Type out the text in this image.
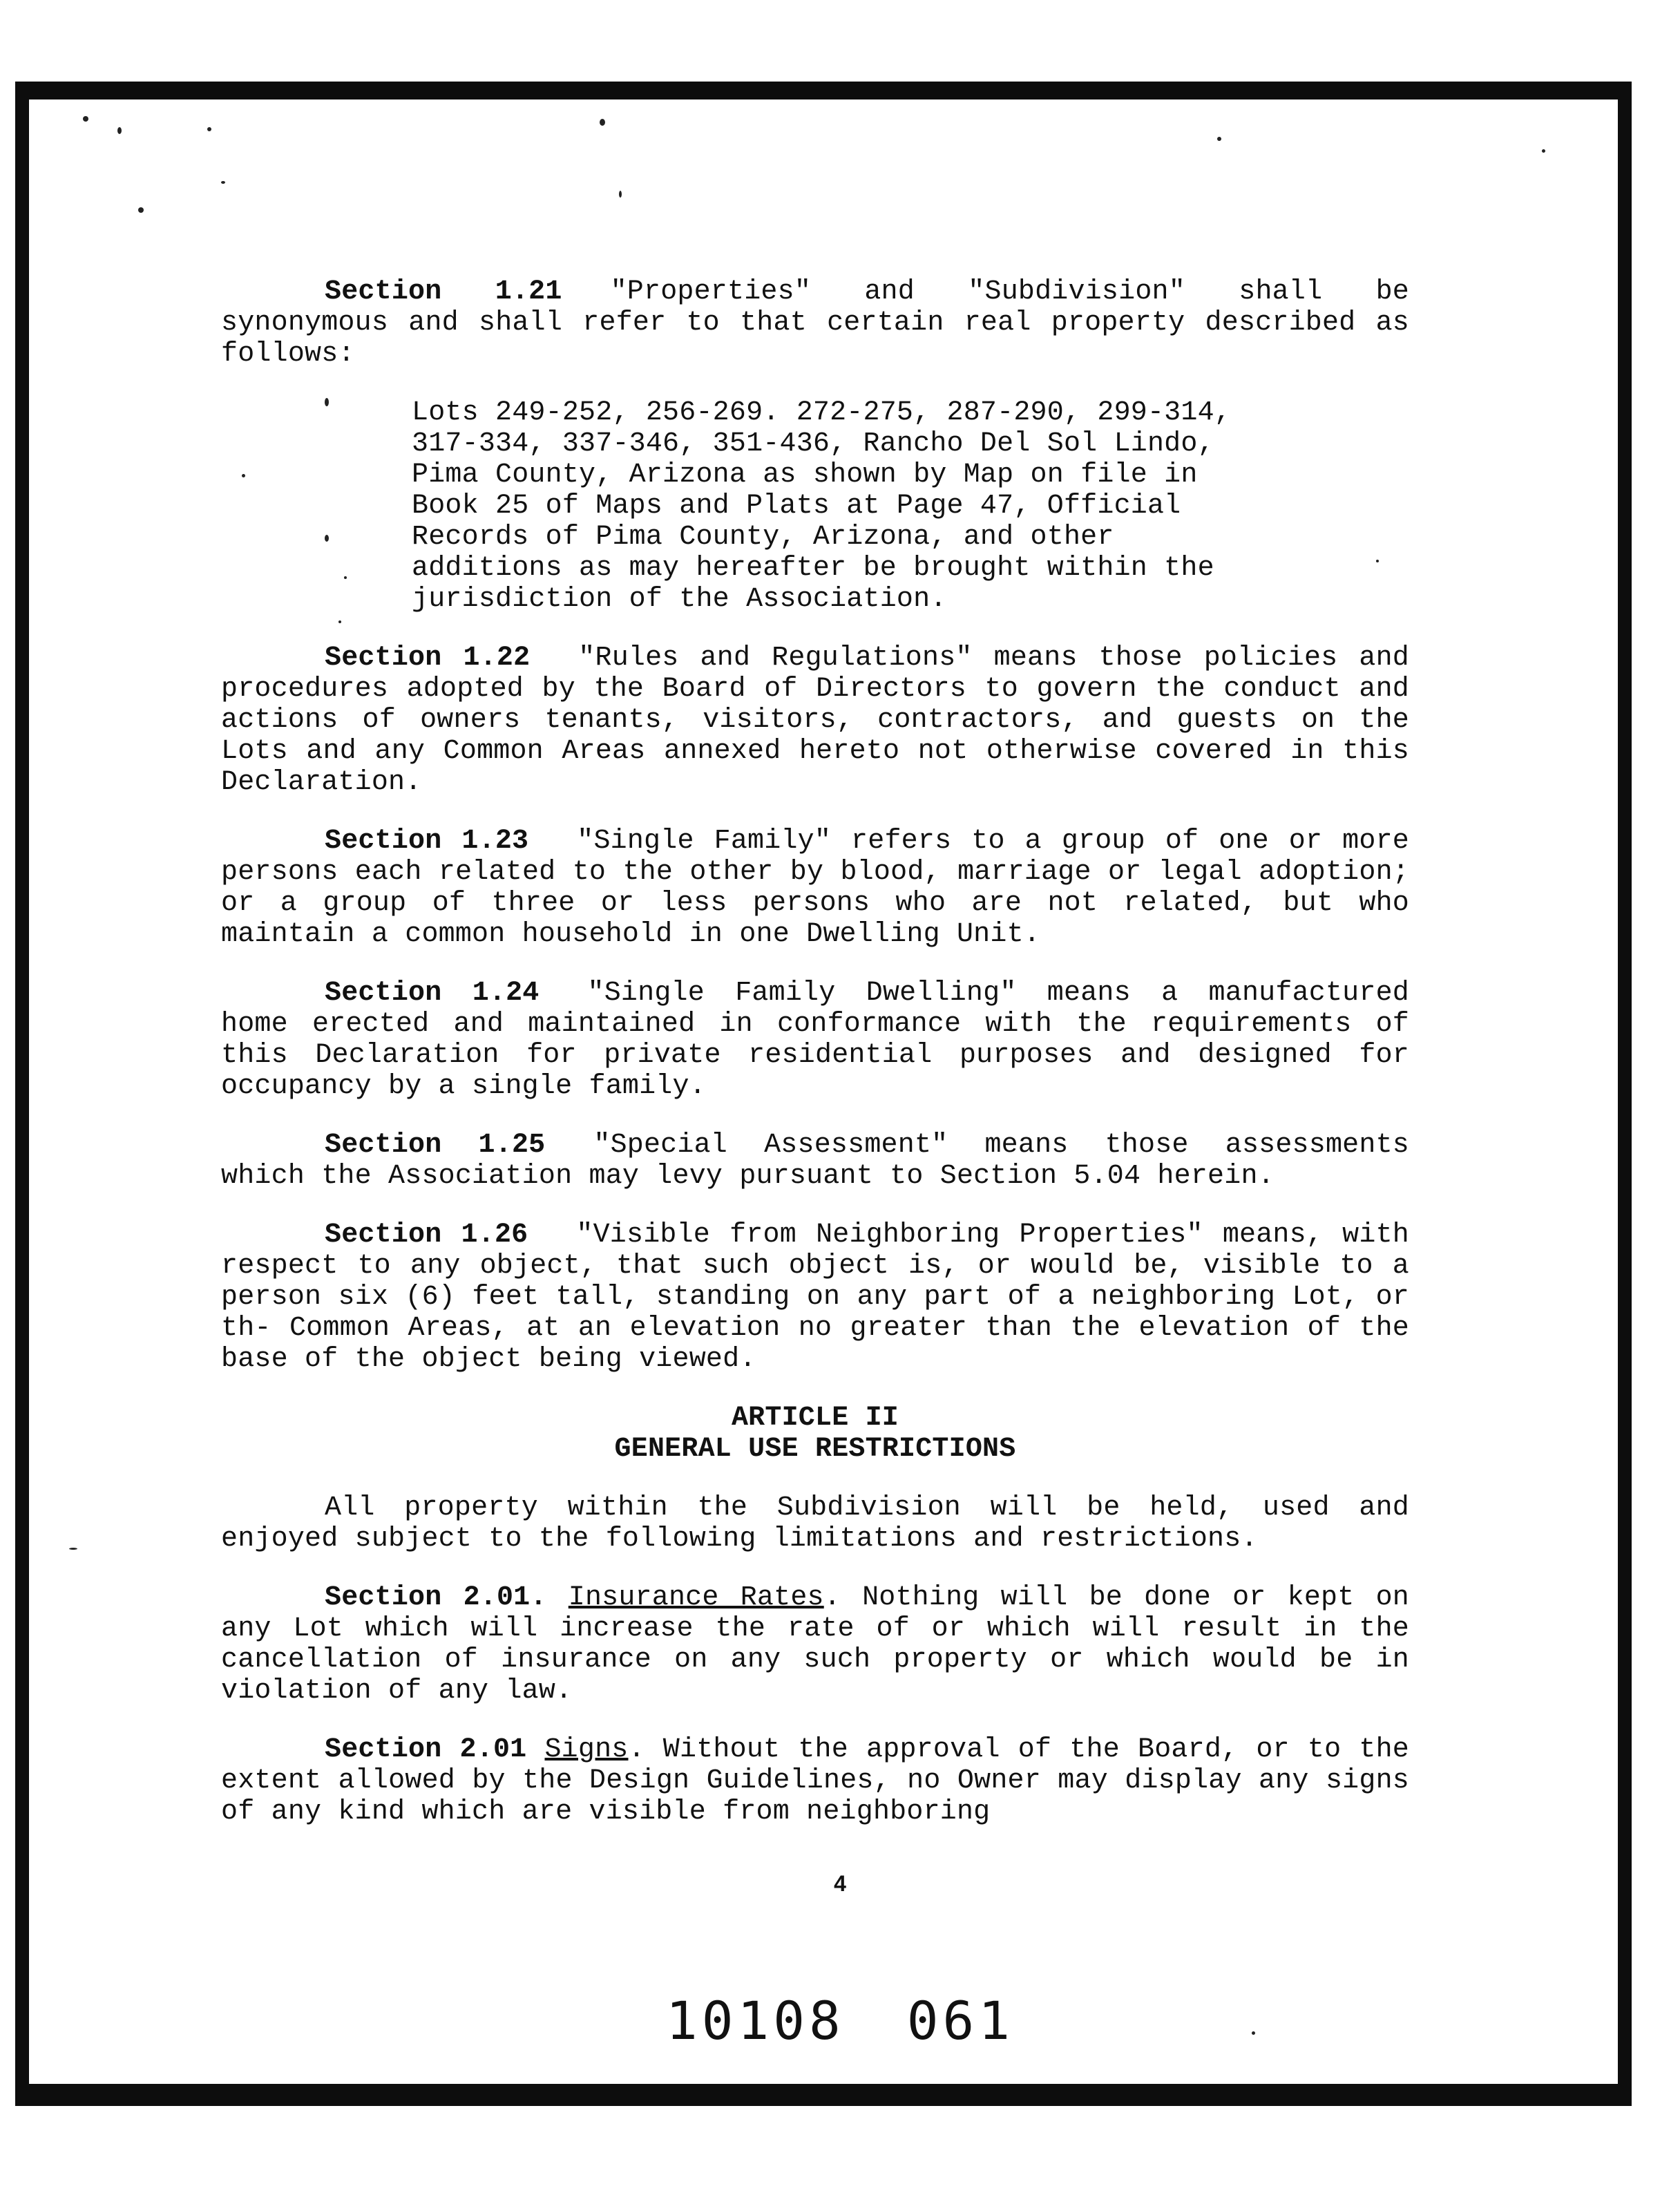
Section 1.21 "Properties" and "Subdivision" shall be synonymous and shall refer to that certain real property described as follows:

Lots 249-252, 256-269. 272-275, 287-290, 299-314, 317-334, 337-346, 351-436, Rancho Del Sol Lindo, Pima County, Arizona as shown by Map on file in Book 25 of Maps and Plats at Page 47, Official Records of Pima County, Arizona, and other additions as may hereafter be brought within the jurisdiction of the Association.

Section 1.22 "Rules and Regulations" means those policies and procedures adopted by the Board of Directors to govern the conduct and actions of owners tenants, visitors, contractors, and guests on the Lots and any Common Areas annexed hereto not otherwise covered in this Declaration.

Section 1.23 "Single Family" refers to a group of one or more persons each related to the other by blood, marriage or legal adoption; or a group of three or less persons who are not related, but who maintain a common household in one Dwelling Unit.

Section 1.24 "Single Family Dwelling" means a manufactured home erected and maintained in conformance with the requirements of this Declaration for private residential purposes and designed for occupancy by a single family.

Section 1.25 "Special Assessment" means those assessments which the Association may levy pursuant to Section 5.04 herein.

Section 1.26 "Visible from Neighboring Properties" means, with respect to any object, that such object is, or would be, visible to a person six (6) feet tall, standing on any part of a neighboring Lot, or th- Common Areas, at an elevation no greater than the elevation of the base of the object being viewed.

ARTICLE II
GENERAL USE RESTRICTIONS

All property within the Subdivision will be held, used and enjoyed subject to the following limitations and restrictions.

Section 2.01. Insurance Rates. Nothing will be done or kept on any Lot which will increase the rate of or which will result in the cancellation of insurance on any such property or which would be in violation of any law.

Section 2.01 Signs. Without the approval of the Board, or to the extent allowed by the Design Guidelines, no Owner may display any signs of any kind which are visible from neighboring

4
10108 061
